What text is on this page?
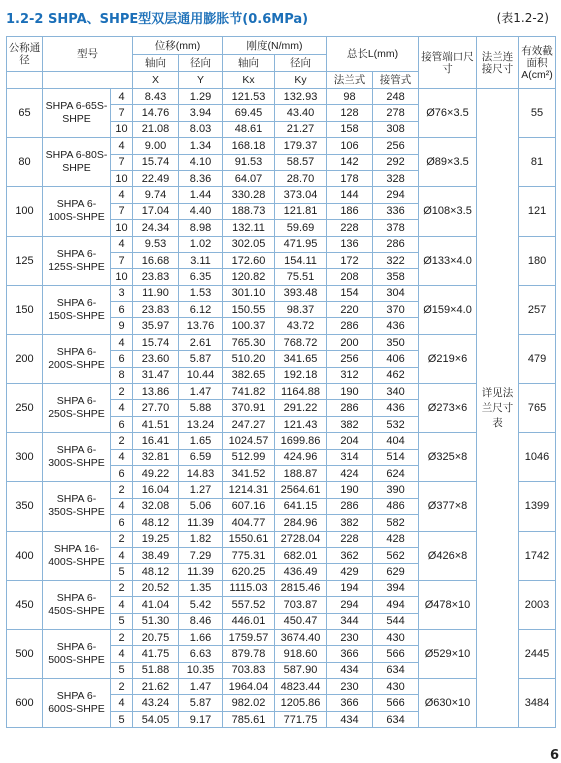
1.2-2 SHPA、SHPE型双层通用膨胀节(0.6MPa)	(表1.2-2)
公称通径	型号		位移(mm)		刚度(N/mm)		总长L(mm)		接管端口尺寸	法兰连接尺寸	有效截面积A(cm²)
			轴向	径向	轴向	径向					
			X	Y	Kx	Ky	法兰式	接管式			
65	SHPA 6-65S-SHPE	4	8.43	1.29	121.53	132.93	98	248	Ø76×3.5	详见法兰尺寸表	55
		7	14.76	3.94	69.45	43.40	128	278			
		10	21.08	8.03	48.61	21.27	158	308			
80	SHPA 6-80S-SHPE	4	9.00	1.34	168.18	179.37	106	256	Ø89×3.5		81
		7	15.74	4.10	91.53	58.57	142	292			
		10	22.49	8.36	64.07	28.70	178	328			
100	SHPA 6-100S-SHPE	4	9.74	1.44	330.28	373.04	144	294	Ø108×3.5		121
		7	17.04	4.40	188.73	121.81	186	336			
		10	24.34	8.98	132.11	59.69	228	378			
125	SHPA 6-125S-SHPE	4	9.53	1.02	302.05	471.95	136	286	Ø133×4.0		180
		7	16.68	3.11	172.60	154.11	172	322			
		10	23.83	6.35	120.82	75.51	208	358			
150	SHPA 6-150S-SHPE	3	11.90	1.53	301.10	393.48	154	304	Ø159×4.0		257
		6	23.83	6.12	150.55	98.37	220	370			
		9	35.97	13.76	100.37	43.72	286	436			
200	SHPA 6-200S-SHPE	4	15.74	2.61	765.30	768.72	200	350	Ø219×6		479
		6	23.60	5.87	510.20	341.65	256	406			
		8	31.47	10.44	382.65	192.18	312	462			
250	SHPA 6-250S-SHPE	2	13.86	1.47	741.82	1164.88	190	340	Ø273×6		765
		4	27.70	5.88	370.91	291.22	286	436			
		6	41.51	13.24	247.27	121.43	382	532			
300	SHPA 6-300S-SHPE	2	16.41	1.65	1024.57	1699.86	204	404	Ø325×8		1046
		4	32.81	6.59	512.99	424.96	314	514			
		6	49.22	14.83	341.52	188.87	424	624			
350	SHPA 6-350S-SHPE	2	16.04	1.27	1214.31	2564.61	190	390	Ø377×8		1399
		4	32.08	5.06	607.16	641.15	286	486			
		6	48.12	11.39	404.77	284.96	382	582			
400	SHPA 16-400S-SHPE	2	19.25	1.82	1550.61	2728.04	228	428	Ø426×8		1742
		4	38.49	7.29	775.31	682.01	362	562			
		5	48.12	11.39	620.25	436.49	429	629			
450	SHPA 6-450S-SHPE	2	20.52	1.35	1115.03	2815.46	194	394	Ø478×10		2003
		4	41.04	5.42	557.52	703.87	294	494			
		5	51.30	8.46	446.01	450.47	344	544			
500	SHPA 6-500S-SHPE	2	20.75	1.66	1759.57	3674.40	230	430	Ø529×10		2445
		4	41.75	6.63	879.78	918.60	366	566			
		5	51.88	10.35	703.83	587.90	434	634			
600	SHPA 6-600S-SHPE	2	21.62	1.47	1964.04	4823.44	230	430	Ø630×10		3484
		4	43.24	5.87	982.02	1205.86	366	566			
		5	54.05	9.17	785.61	771.75	434	634			
6
